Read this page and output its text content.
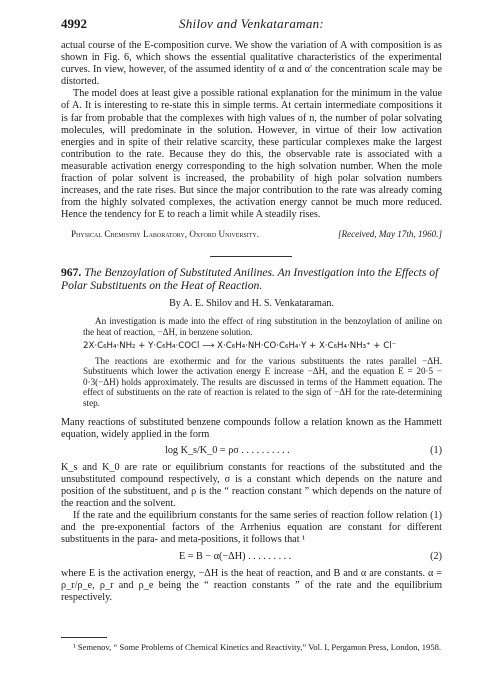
4992	Shilov and Venkataraman:

actual course of the E-composition curve. We show the variation of A with composition is as shown in Fig. 6, which shows the essential qualitative characteristics of the experimental curves. In view, however, of the assumed identity of α and α′ the concentration scale may be distorted.

The model does at least give a possible rational explanation for the minimum in the value of A. It is interesting to re-state this in simple terms. At certain intermediate compositions it is far from probable that the complexes with high values of n, the number of polar solvating molecules, will predominate in the solution. However, in virtue of their low activation energies and in spite of their relative scarcity, these particular complexes make the largest contribution to the rate. Because they do this, the observable rate is associated with a measurable activation energy corresponding to the high solvation number. When the mole fraction of polar solvent is increased, the probability of high polar solvation numbers increases, and the rate rises. But since the major contribution to the rate was already coming from the highly solvated complexes, the activation energy cannot be much more reduced. Hence the tendency for E to reach a limit while A steadily rises.

Physical Chemistry Laboratory, Oxford University.	[Received, May 17th, 1960.]

967. The Benzoylation of Substituted Anilines. An Investigation into the Effects of Polar Substituents on the Heat of Reaction.

By A. E. Shilov and H. S. Venkataraman.

An investigation is made into the effect of ring substitution in the benzoylation of aniline on the heat of reaction, −ΔH, in benzene solution.

2X·C₆H₄·NH₂ + Y·C₆H₄·COCl ⟶ X·C₆H₄·NH·CO·C₆H₄·Y + X·C₆H₄·NH₃⁺ + Cl⁻

The reactions are exothermic and for the various substituents the rates parallel −ΔH. Substituents which lower the activation energy E increase −ΔH, and the equation E = 20·5 − 0·3(−ΔH) holds approximately. The results are discussed in terms of the Hammett equation. The effect of substituents on the rate of reaction is related to the sign of −ΔH for the rate-determining step.

Many reactions of substituted benzene compounds follow a relation known as the Hammett equation, widely applied in the form

log K_s/K_0 = ρσ . . . . . . . . . .	(1)

K_s and K_0 are rate or equilibrium constants for reactions of the substituted and the unsubstituted compound respectively, σ is a constant which depends on the nature and position of the substituent, and ρ is the “ reaction constant ” which depends on the nature of the reaction and the solvent.

If the rate and the equilibrium constants for the same series of reaction follow relation (1) and the pre-exponential factors of the Arrhenius equation are constant for different substituents in the para- and meta-positions, it follows that ¹

E = B − α(−ΔH) . . . . . . . . .	(2)

where E is the activation energy, −ΔH is the heat of reaction, and B and α are constants. α = ρ_r/ρ_e, ρ_r and ρ_e being the “ reaction constants ” of the rate and the equilibrium respectively.

¹ Semenov, “ Some Problems of Chemical Kinetics and Reactivity,” Vol. I, Pergamon Press, London, 1958.
